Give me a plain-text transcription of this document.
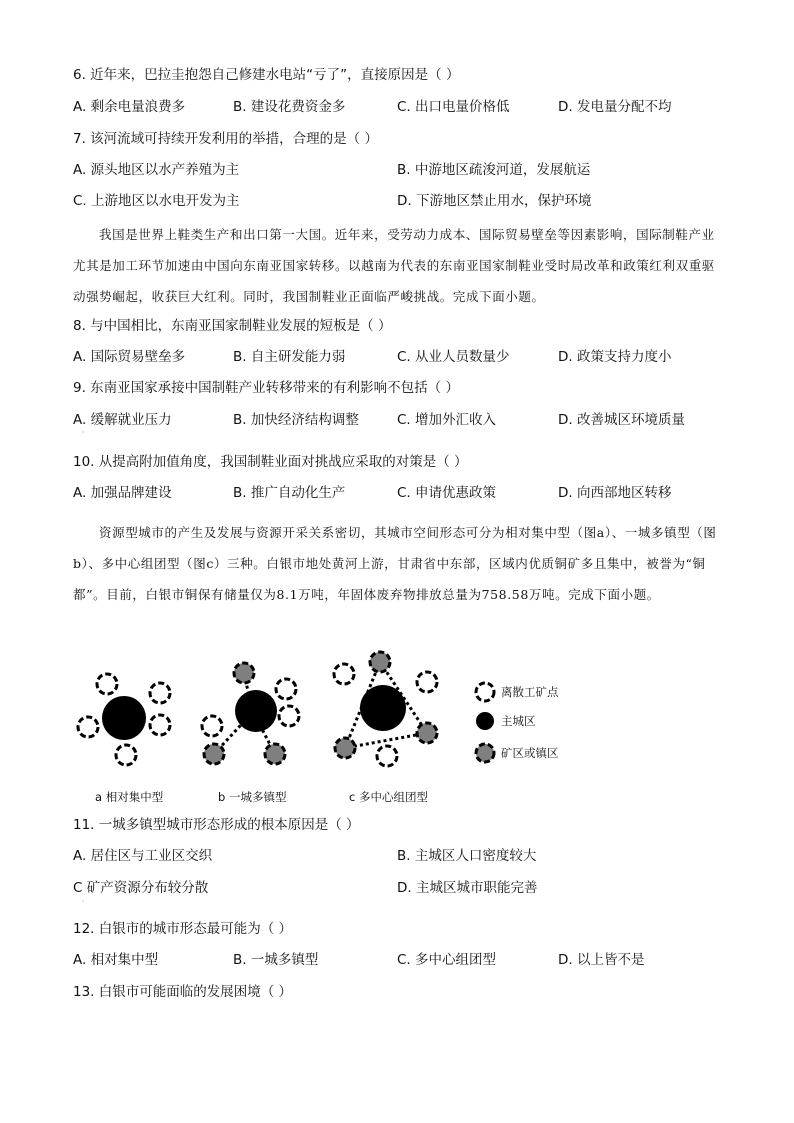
6. 近年来，巴拉圭抱怨自己修建水电站“亏了”，直接原因是（ ）
A. 剩余电量浪费多	B. 建设花费资金多	C. 出口电量价格低	D. 发电量分配不均
7. 该河流域可持续开发利用的举措，合理的是（ ）
A. 源头地区以水产养殖为主	B. 中游地区疏浚河道，发展航运
C. 上游地区以水电开发为主	D. 下游地区禁止用水，保护环境
我国是世界上鞋类生产和出口第一大国。近年来，受劳动力成本、国际贸易壁垒等因素影响，国际制鞋产业尤其是加工环节加速由中国向东南亚国家转移。以越南为代表的东南亚国家制鞋业受时局改革和政策红利双重驱动强势崛起，收获巨大红利。同时，我国制鞋业正面临严峻挑战。完成下面小题。
8. 与中国相比，东南亚国家制鞋业发展的短板是（ ）
A. 国际贸易壁垒多	B. 自主研发能力弱	C. 从业人员数量少	D. 政策支持力度小
9. 东南亚国家承接中国制鞋产业转移带来的有利影响不包括（ ）
A. 缓解就业压力	B. 加快经济结构调整	C. 增加外汇收入	D. 改善城区环境质量
·
10. 从提高附加值角度，我国制鞋业面对挑战应采取的对策是（ ）
A. 加强品牌建设	B. 推广自动化生产	C. 申请优惠政策	D. 向西部地区转移
资源型城市的产生及发展与资源开采关系密切，其城市空间形态可分为相对集中型（图a）、一城多镇型（图b）、多中心组团型（图c）三种。白银市地处黄河上游，甘肃省中东部，区域内优质铜矿多且集中，被誉为“铜都”。目前，白银市铜保有储量仅为8.1万吨，年固体废弃物排放总量为758.58万吨。完成下面小题。
离散工矿点
主城区
矿区或镇区
a 相对集中型	b 一城多镇型	c 多中心组团型
11. 一城多镇型城市形态形成的根本原因是（ ）
A. 居住区与工业区交织	B. 主城区人口密度较大
C 矿产资源分布较分散	D. 主城区城市职能完善
·
12. 白银市的城市形态最可能为（ ）
A. 相对集中型	B. 一城多镇型	C. 多中心组团型	D. 以上皆不是
13. 白银市可能面临的发展困境（ ）
